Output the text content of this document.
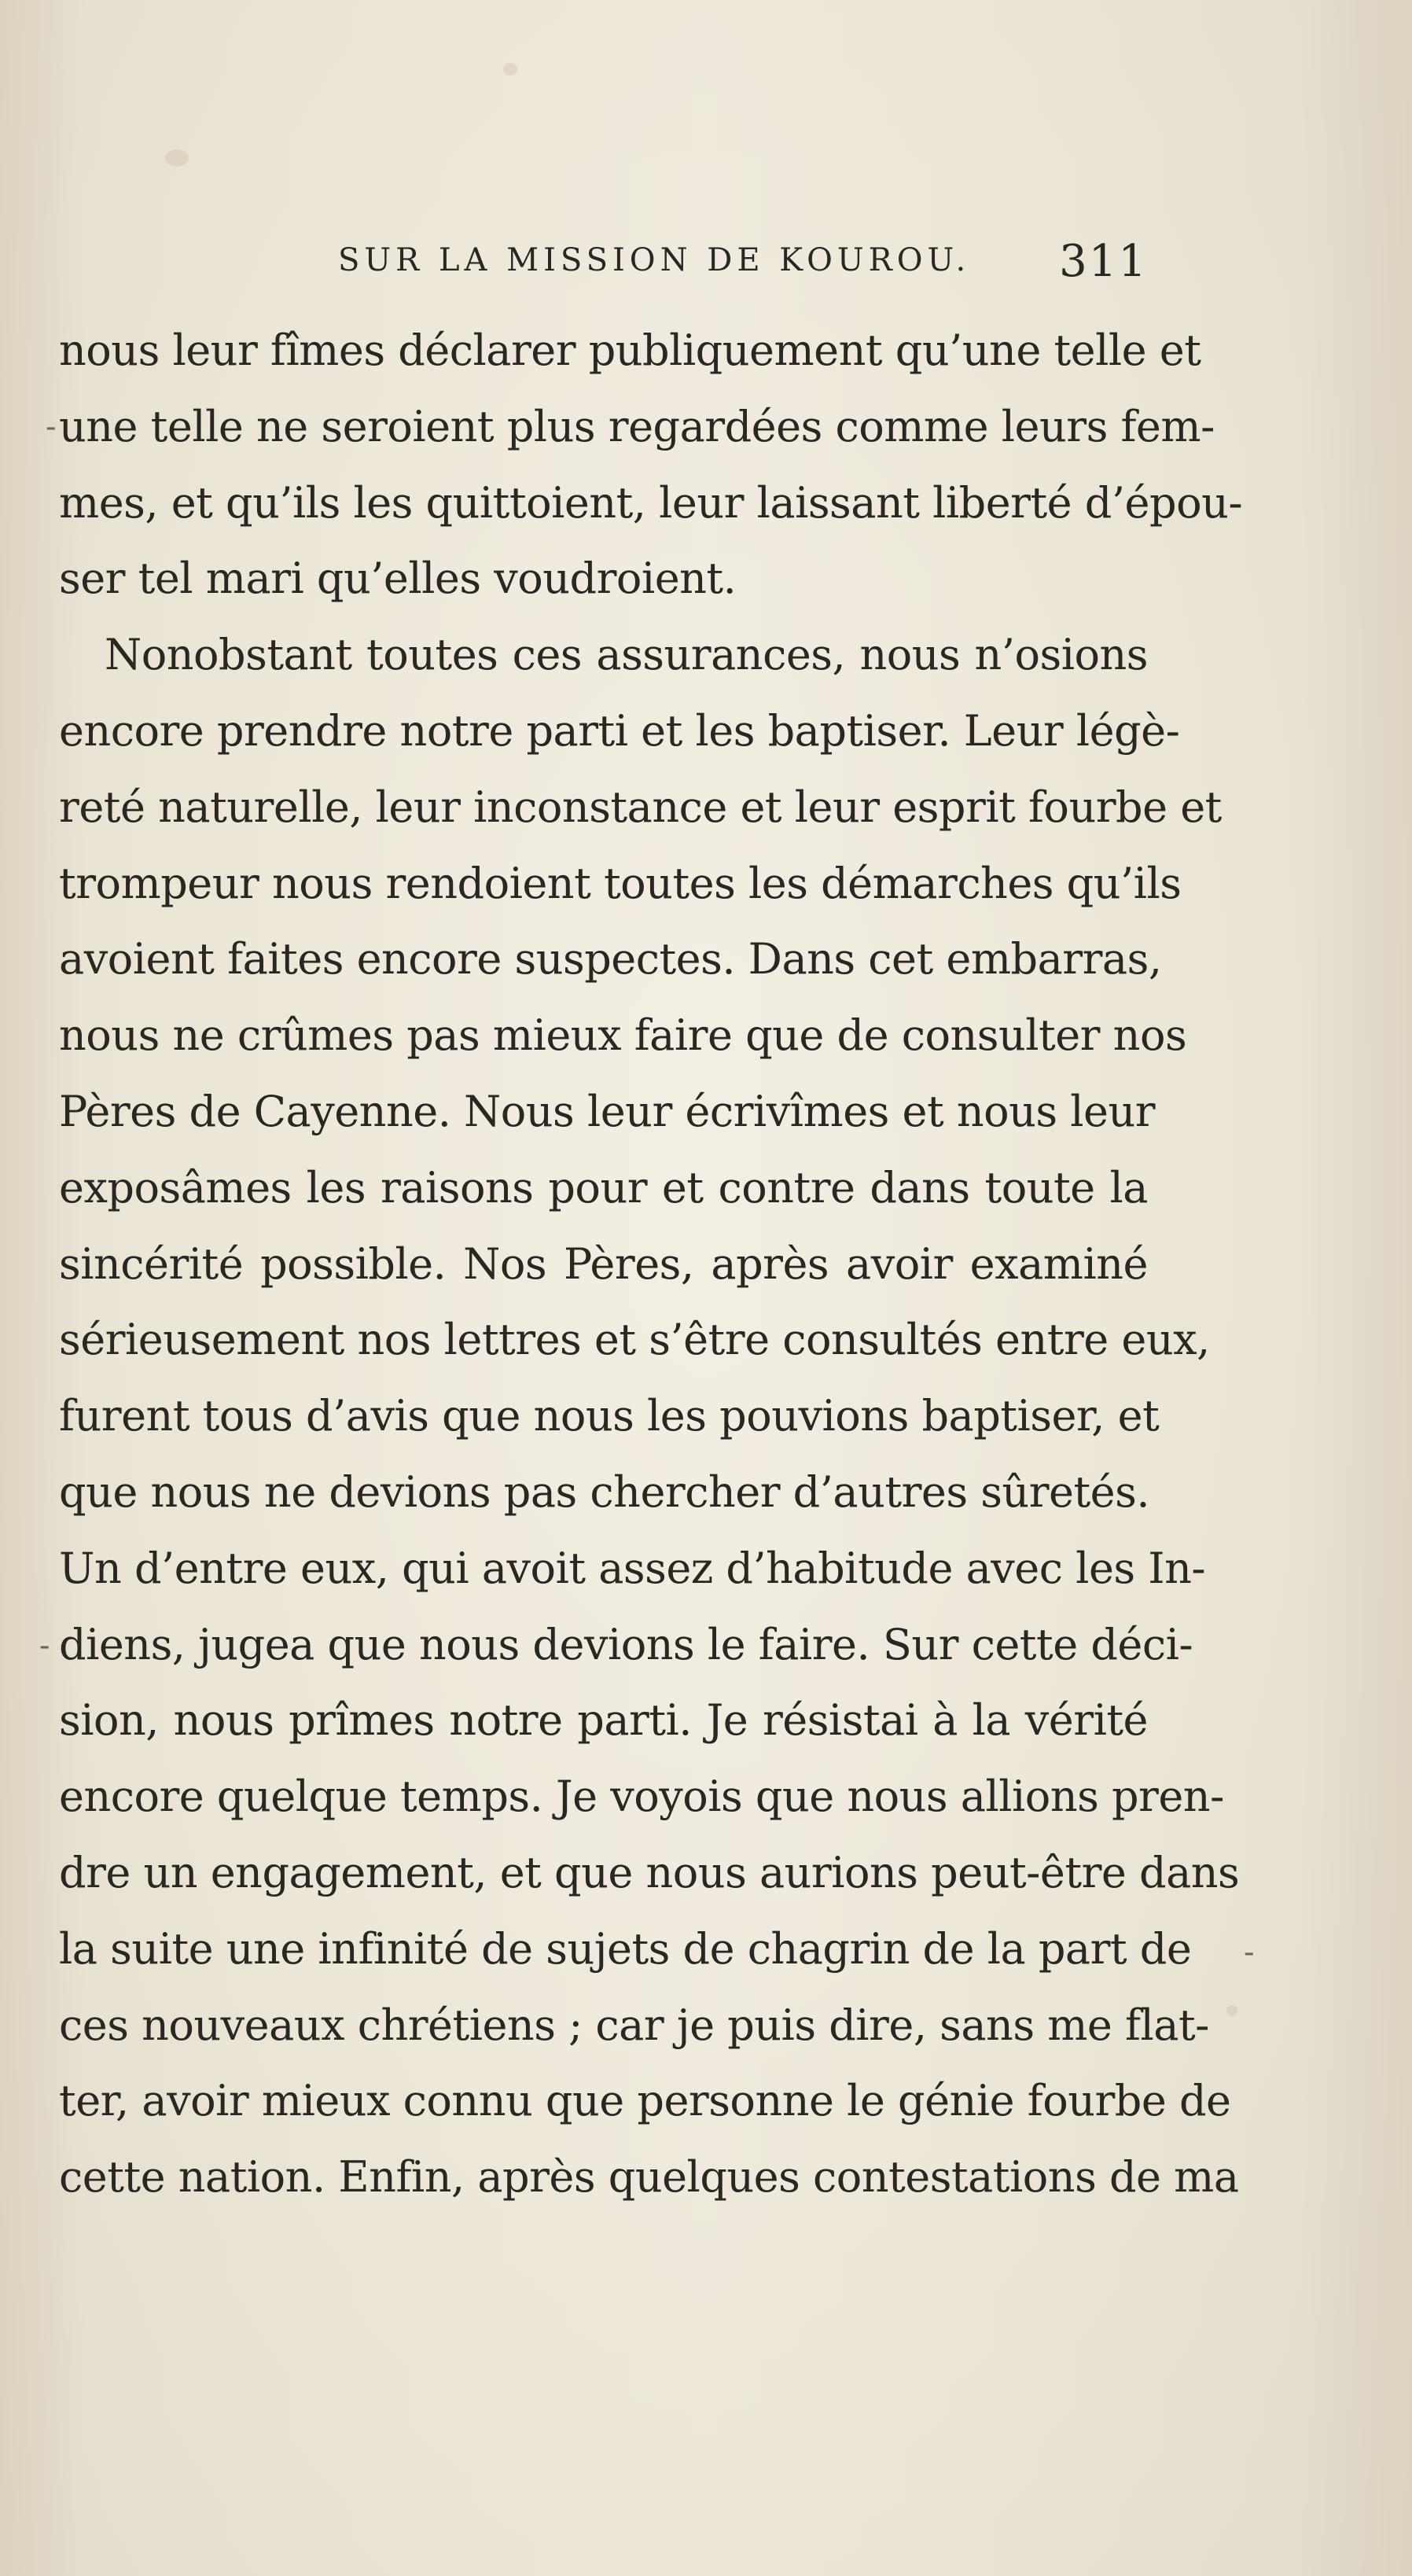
SUR LA MISSION DE KOUROU. 311
-
-
-
nous leur fîmes déclarer publiquement qu’une telle et
une telle ne seroient plus regardées comme leurs fem-
mes, et qu’ils les quittoient, leur laissant liberté d’épou-
ser tel mari qu’elles voudroient.
Nonobstant toutes ces assurances, nous n’osions
encore prendre notre parti et les baptiser. Leur légè-
reté naturelle, leur inconstance et leur esprit fourbe et
trompeur nous rendoient toutes les démarches qu’ils
avoient faites encore suspectes. Dans cet embarras,
nous ne crûmes pas mieux faire que de consulter nos
Pères de Cayenne. Nous leur écrivîmes et nous leur
exposâmes les raisons pour et contre dans toute la
sincérité possible. Nos Pères, après avoir examiné
sérieusement nos lettres et s’être consultés entre eux,
furent tous d’avis que nous les pouvions baptiser, et
que nous ne devions pas chercher d’autres sûretés.
Un d’entre eux, qui avoit assez d’habitude avec les In-
diens, jugea que nous devions le faire. Sur cette déci-
sion, nous prîmes notre parti. Je résistai à la vérité
encore quelque temps. Je voyois que nous allions pren-
dre un engagement, et que nous aurions peut-être dans
la suite une infinité de sujets de chagrin de la part de
ces nouveaux chrétiens ; car je puis dire, sans me flat-
ter, avoir mieux connu que personne le génie fourbe de
cette nation. Enfin, après quelques contestations de ma
